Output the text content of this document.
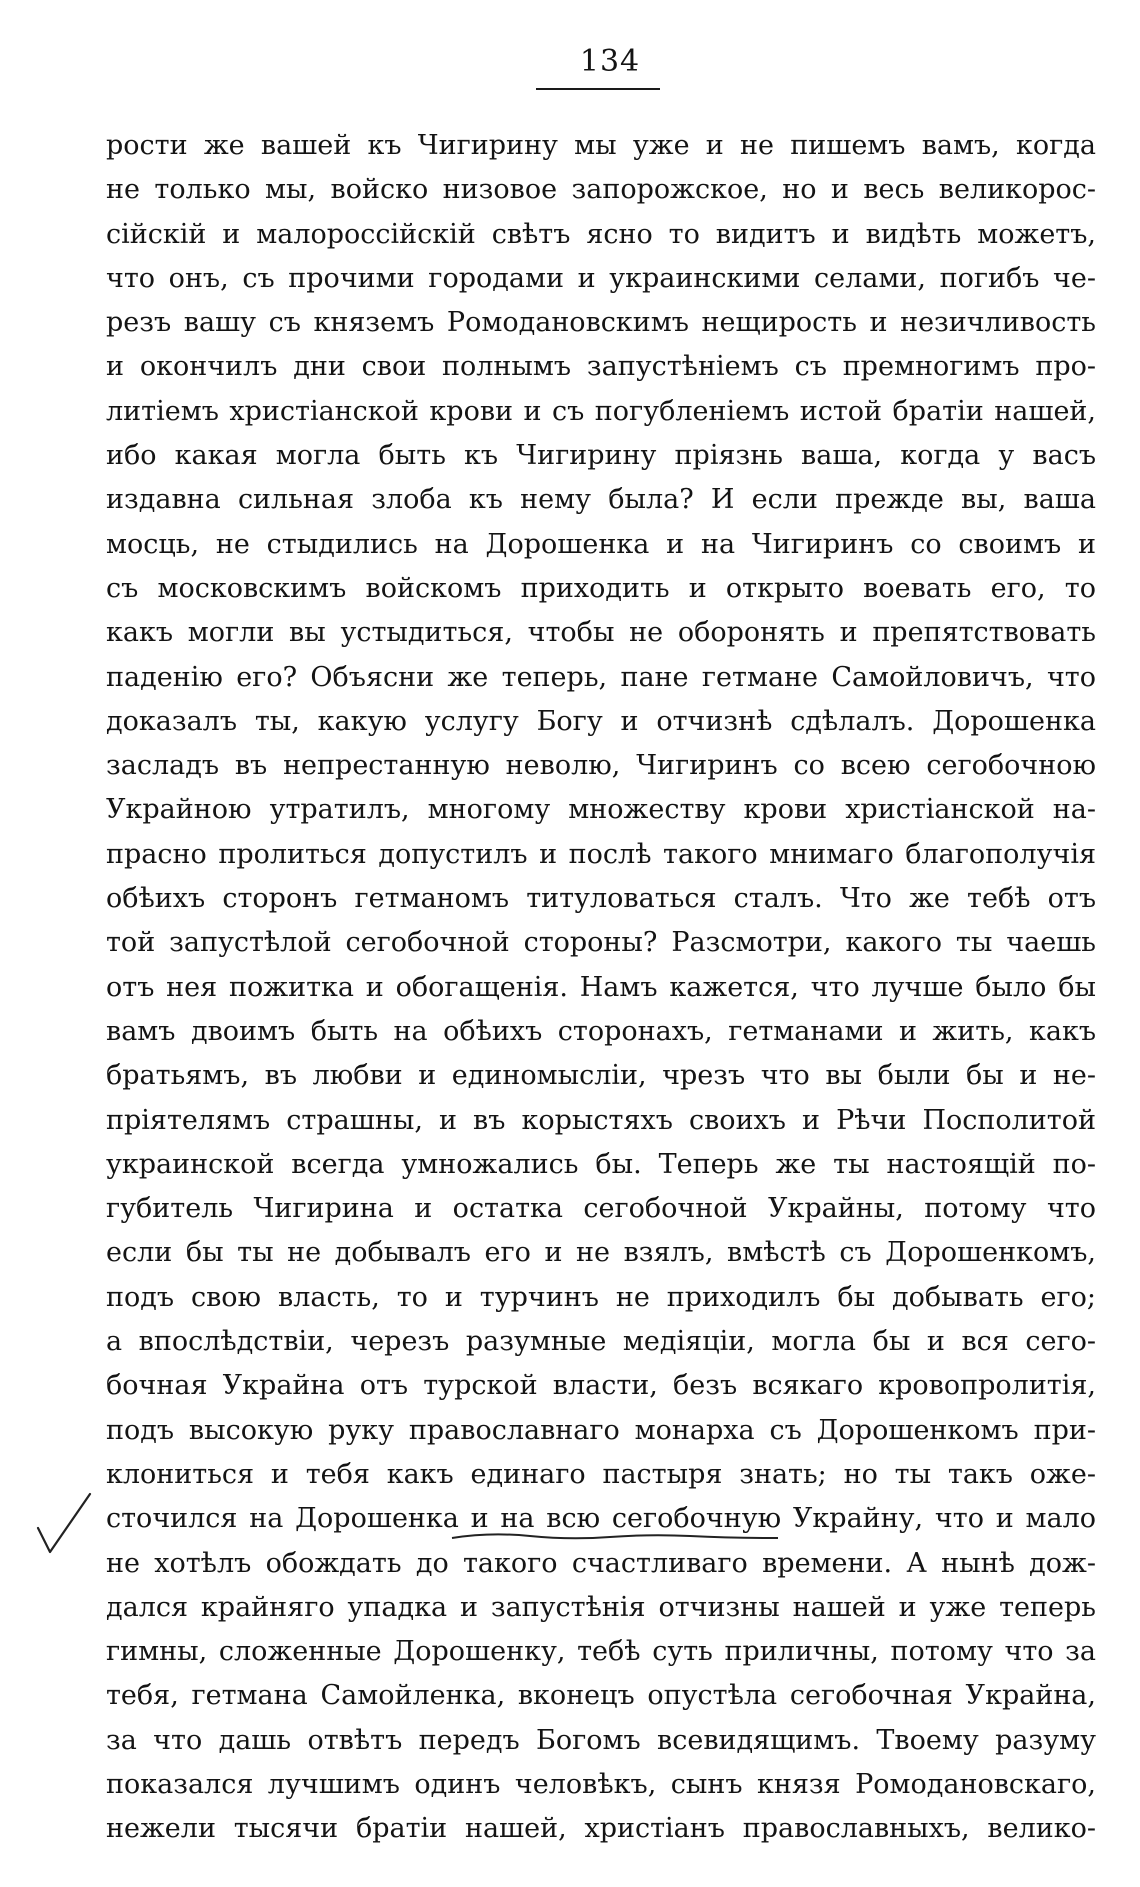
134
рости же вашей къ Чигирину мы уже и не пишемъ вамъ, когда
не только мы, войско низовое запорожское, но и весь великорос-
сійскій и малороссійскій свѣтъ ясно то видитъ и видѣть можетъ,
что онъ, съ прочими городами и украинскими селами, погибъ че-
резъ вашу съ княземъ Ромодановскимъ нещирость и незичливость
и окончилъ дни свои полнымъ запустѣніемъ съ премногимъ про-
литіемъ христіанской крови и съ погубленіемъ истой братіи нашей,
ибо какая могла быть къ Чигирину пріязнь ваша, когда у васъ
издавна сильная злоба къ нему была? И если прежде вы, ваша
мосць, не стыдились на Дорошенка и на Чигиринъ со своимъ и
съ московскимъ войскомъ приходить и открыто воевать его, то
какъ могли вы устыдиться, чтобы не оборонять и препятствовать
паденію его? Объясни же теперь, пане гетмане Самойловичъ, что
доказалъ ты, какую услугу Богу и отчизнѣ сдѣлалъ. Дорошенка
засладъ въ непрестанную неволю, Чигиринъ со всею сегобочною
Украйною утратилъ, многому множеству крови христіанской на-
прасно пролиться допустилъ и послѣ такого мнимаго благополучія
обѣихъ сторонъ гетманомъ титуловаться сталъ. Что же тебѣ отъ
той запустѣлой сегобочной стороны? Разсмотри, какого ты чаешь
отъ нея пожитка и обогащенія. Намъ кажется, что лучше было бы
вамъ двоимъ быть на обѣихъ сторонахъ, гетманами и жить, какъ
братьямъ, въ любви и единомысліи, чрезъ что вы были бы и не-
пріятелямъ страшны, и въ корыстяхъ своихъ и Рѣчи Посполитой
украинской всегда умножались бы. Теперь же ты настоящій по-
губитель Чигирина и остатка сегобочной Украйны, потому что
если бы ты не добывалъ его и не взялъ, вмѣстѣ съ Дорошенкомъ,
подъ свою власть, то и турчинъ не приходилъ бы добывать его;
а впослѣдствіи, черезъ разумные медіяціи, могла бы и вся сего-
бочная Украйна отъ турской власти, безъ всякаго кровопролитія,
подъ высокую руку православнаго монарха съ Дорошенкомъ при-
клониться и тебя какъ единаго пастыря знать; но ты такъ оже-
сточился на Дорошенка и на всю сегобочную Украйну, что и мало
не хотѣлъ обождать до такого счастливаго времени. А нынѣ дож-
дался крайняго упадка и запустѣнія отчизны нашей и уже теперь
гимны, сложенные Дорошенку, тебѣ суть приличны, потому что за
тебя, гетмана Самойленка, вконецъ опустѣла сегобочная Украйна,
за что дашь отвѣтъ передъ Богомъ всевидящимъ. Твоему разуму
показался лучшимъ одинъ человѣкъ, сынъ князя Ромодановскаго,
нежели тысячи братіи нашей, христіанъ православныхъ, велико-
